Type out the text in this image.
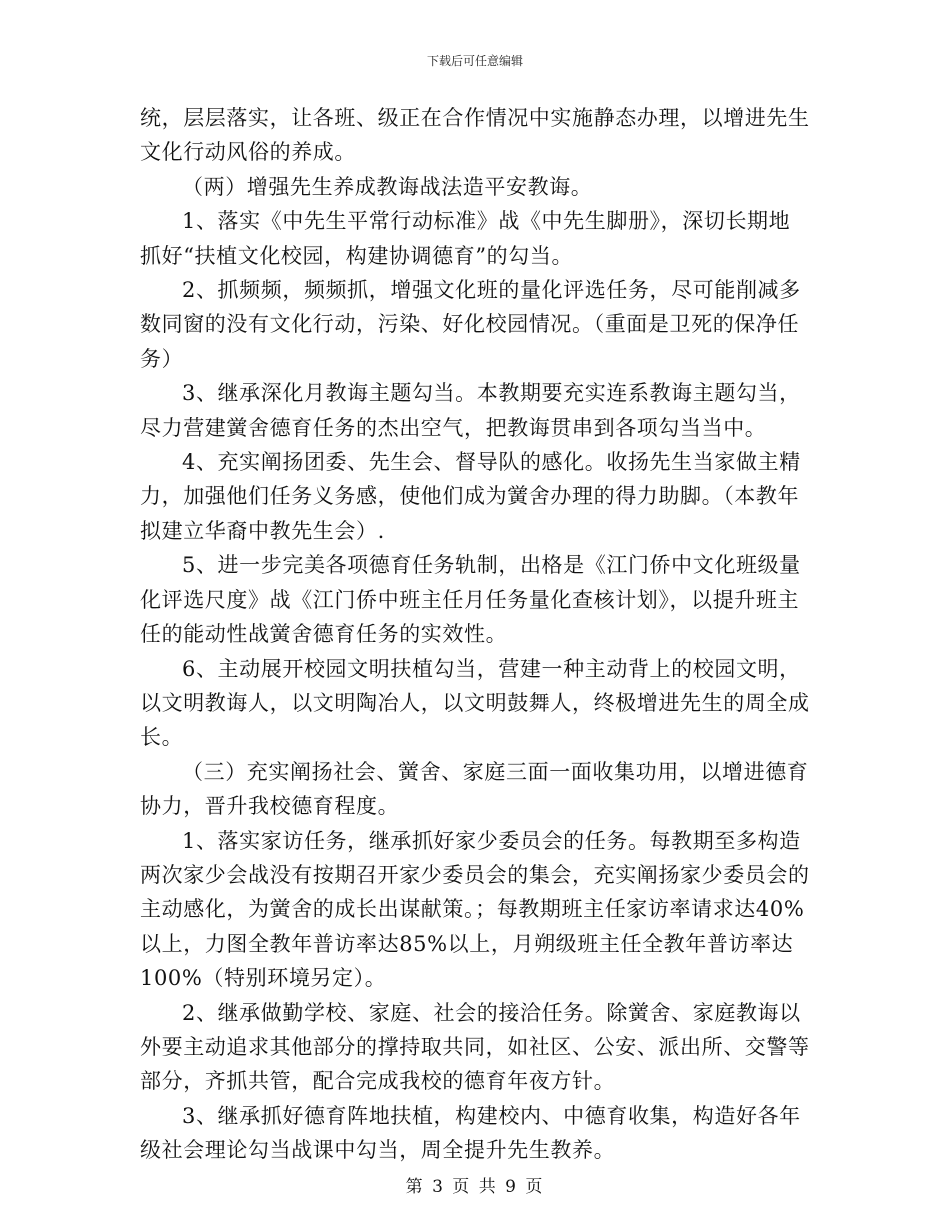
下载后可任意编辑

统，层层落实，让各班、级正在合作情况中实施静态办理，以增进先生文化行动风俗的养成。

（两）增强先生养成教诲战法造平安教诲。

1、落实《中先生平常行动标准》战《中先生脚册》，深切长期地抓好“扶植文化校园，构建协调德育”的勾当。

2、抓频频，频频抓，增强文化班的量化评选任务，尽可能削减多数同窗的没有文化行动，污染、好化校园情况。（重面是卫死的保净任务）

3、继承深化月教诲主题勾当。本教期要充实连系教诲主题勾当，尽力营建黉舍德育任务的杰出空气，把教诲贯串到各项勾当当中。

4、充实阐扬团委、先生会、督导队的感化。收扬先生当家做主精力，加强他们任务义务感，使他们成为黉舍办理的得力助脚。（本教年拟建立华裔中教先生会）.

5、进一步完美各项德育任务轨制，出格是《江门侨中文化班级量化评选尺度》战《江门侨中班主任月任务量化查核计划》，以提升班主任的能动性战黉舍德育任务的实效性。

6、主动展开校园文明扶植勾当，营建一种主动背上的校园文明，以文明教诲人，以文明陶冶人，以文明鼓舞人，终极增进先生的周全成长。

（三）充实阐扬社会、黉舍、家庭三面一面收集功用，以增进德育协力，晋升我校德育程度。

1、落实家访任务，继承抓好家少委员会的任务。每教期至多构造两次家少会战没有按期召开家少委员会的集会，充实阐扬家少委员会的主动感化，为黉舍的成长出谋献策。；每教期班主任家访率请求达40%以上，力图全教年普访率达85%以上，月朔级班主任全教年普访率达100%（特别环境另定）。

2、继承做勤学校、家庭、社会的接洽任务。除黉舍、家庭教诲以外要主动追求其他部分的撑持取共同，如社区、公安、派出所、交警等部分，齐抓共管，配合完成我校的德育年夜方针。

3、继承抓好德育阵地扶植，构建校内、中德育收集，构造好各年级社会理论勾当战课中勾当，周全提升先生教养。

第 3 页 共 9 页
